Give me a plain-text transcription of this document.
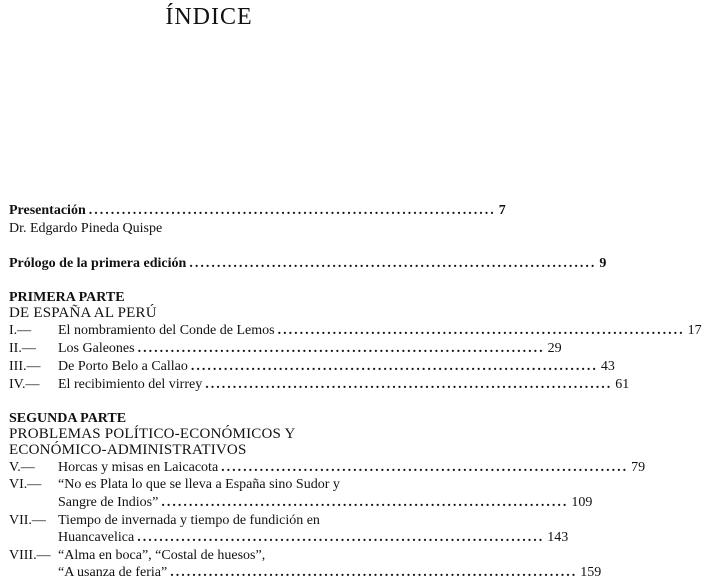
ÍNDICE
Presentación .......................................................................... 7
Dr. Edgardo Pineda Quispe
Prólogo de la primera edición .......................................................................... 9
PRIMERA PARTE
DE ESPAÑA AL PERÚ
I.—	El nombramiento del Conde de Lemos .......................................................................... 17
II.—	Los Galeones .......................................................................... 29
III.—	De Porto Belo a Callao .......................................................................... 43
IV.—	El recibimiento del virrey .......................................................................... 61
SEGUNDA PARTE
PROBLEMAS POLÍTICO-ECONÓMICOS Y
ECONÓMICO-ADMINISTRATIVOS
V.—	Horcas y misas en Laicacota .......................................................................... 79
VI.—	“No es Plata lo que se lleva a España sino Sudor y
Sangre de Indios” .......................................................................... 109
VII.— Tiempo de invernada y tiempo de fundición en
Huancavelica .......................................................................... 143
VIII.— “Alma en boca”, “Costal de huesos”,
“A usanza de feria” .......................................................................... 159
